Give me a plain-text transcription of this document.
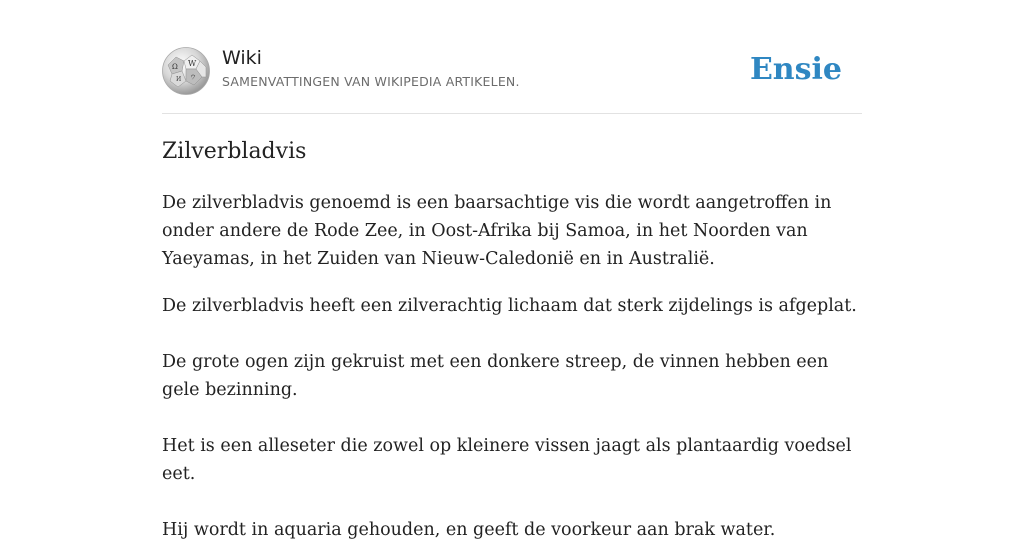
Ω W
И ウ
Wiki
SAMENVATTINGEN VAN WIKIPEDIA ARTIKELEN.	Ensie
Zilverbladvis

De zilverbladvis genoemd is een baarsachtige vis die wordt aangetroffen in onder andere de Rode Zee, in Oost-Afrika bij Samoa, in het Noorden van Yaeyamas, in het Zuiden van Nieuw-Caledonië en in Australië.

De zilverbladvis heeft een zilverachtig lichaam dat sterk zijdelings is afgeplat.

De grote ogen zijn gekruist met een donkere streep, de vinnen hebben een gele bezinning.

Het is een alleseter die zowel op kleinere vissen jaagt als plantaardig voedsel eet.

Hij wordt in aquaria gehouden, en geeft de voorkeur aan brak water.
